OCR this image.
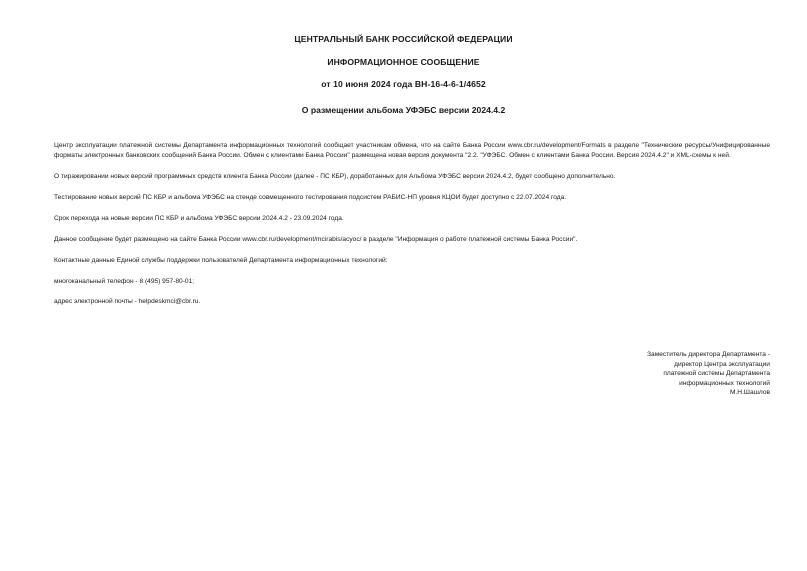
ЦЕНТРАЛЬНЫЙ БАНК РОССИЙСКОЙ ФЕДЕРАЦИИ
ИНФОРМАЦИОННОЕ СООБЩЕНИЕ
от 10 июня 2024 года ВН-16-4-6-1/4652
О размещении альбома УФЭБС версии 2024.4.2

Центр эксплуатации платежной системы Департамента информационных технологий сообщает участникам обмена, что на сайте Банка России www.cbr.ru/development/Formats в разделе "Технические ресурсы/Унифицированные форматы электронных банковских сообщений Банка России. Обмен с клиентами Банка России" размещена новая версия документа "2.2. "УФЭБС. Обмен с клиентами Банка России. Версия 2024.4.2" и XML-схемы к ней.

О тиражировании новых версий программных средств клиента Банка России (далее - ПС КБР), доработанных для Альбома УФЭБС версии 2024.4.2, будет сообщено дополнительно.

Тестирование новых версий ПС КБР и альбома УФЭБС на стенде совмещенного тестирования подсистем РАБИС-НП уровня КЦОИ будет доступно с 22.07.2024 года.

Срок перехода на новые версии ПС КБР и альбома УФЭБС версии 2024.4.2 - 23.09.2024 года.

Данное сообщение будет размещено на сайте Банка России www.cbr.ru/development/mcirabis/acyoc/ в разделе "Информация о работе платежной системы Банка России".

Контактные данные Единой службы поддержки пользователей Департамента информационных технологий:

многоканальный телефон - 8 (495) 957-80-01;

адрес электронной почты - helpdeskmci@cbr.ru.

Заместитель директора Департамента -
директор Центра эксплуатации
платежной системы Департамента
информационных технологий
М.Н.Шашлов
